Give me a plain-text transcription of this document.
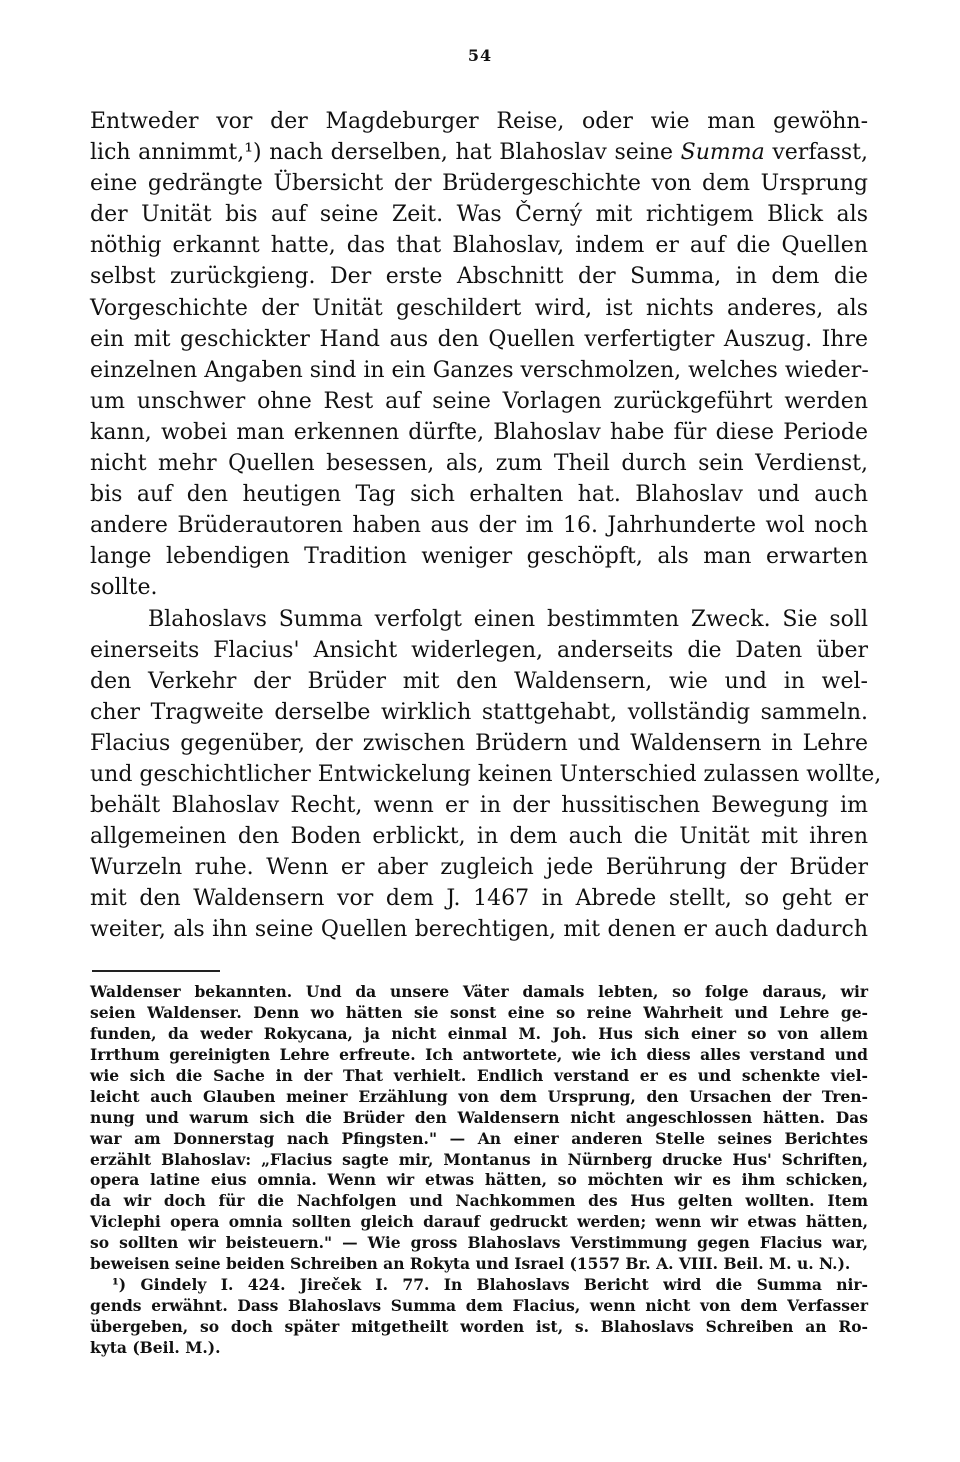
54
Entweder vor der Magdeburger Reise, oder wie man gewöhn-
lich annimmt,¹) nach derselben, hat Blahoslav seine Summa verfasst,
eine gedrängte Übersicht der Brüdergeschichte von dem Ursprung
der Unität bis auf seine Zeit. Was Černý mit richtigem Blick als
nöthig erkannt hatte, das that Blahoslav, indem er auf die Quellen
selbst zurückgieng. Der erste Abschnitt der Summa, in dem die
Vorgeschichte der Unität geschildert wird, ist nichts anderes, als
ein mit geschickter Hand aus den Quellen verfertigter Auszug. Ihre
einzelnen Angaben sind in ein Ganzes verschmolzen, welches wieder-
um unschwer ohne Rest auf seine Vorlagen zurückgeführt werden
kann, wobei man erkennen dürfte, Blahoslav habe für diese Periode
nicht mehr Quellen besessen, als, zum Theil durch sein Verdienst,
bis auf den heutigen Tag sich erhalten hat. Blahoslav und auch
andere Brüderautoren haben aus der im 16. Jahrhunderte wol noch
lange lebendigen Tradition weniger geschöpft, als man erwarten
sollte.
Blahoslavs Summa verfolgt einen bestimmten Zweck. Sie soll
einerseits Flacius' Ansicht widerlegen, anderseits die Daten über
den Verkehr der Brüder mit den Waldensern, wie und in wel-
cher Tragweite derselbe wirklich stattgehabt, vollständig sammeln.
Flacius gegenüber, der zwischen Brüdern und Waldensern in Lehre
und geschichtlicher Entwickelung keinen Unterschied zulassen wollte,
behält Blahoslav Recht, wenn er in der hussitischen Bewegung im
allgemeinen den Boden erblickt, in dem auch die Unität mit ihren
Wurzeln ruhe. Wenn er aber zugleich jede Berührung der Brüder
mit den Waldensern vor dem J. 1467 in Abrede stellt, so geht er
weiter, als ihn seine Quellen berechtigen, mit denen er auch dadurch
Waldenser bekannten. Und da unsere Väter damals lebten, so folge daraus, wir
seien Waldenser. Denn wo hätten sie sonst eine so reine Wahrheit und Lehre ge-
funden, da weder Rokycana, ja nicht einmal M. Joh. Hus sich einer so von allem
Irrthum gereinigten Lehre erfreute. Ich antwortete, wie ich diess alles verstand und
wie sich die Sache in der That verhielt. Endlich verstand er es und schenkte viel-
leicht auch Glauben meiner Erzählung von dem Ursprung, den Ursachen der Tren-
nung und warum sich die Brüder den Waldensern nicht angeschlossen hätten. Das
war am Donnerstag nach Pfingsten." — An einer anderen Stelle seines Berichtes
erzählt Blahoslav: „Flacius sagte mir, Montanus in Nürnberg drucke Hus' Schriften,
opera latine eius omnia. Wenn wir etwas hätten, so möchten wir es ihm schicken,
da wir doch für die Nachfolgen und Nachkommen des Hus gelten wollten. Item
Viclephi opera omnia sollten gleich darauf gedruckt werden; wenn wir etwas hätten,
so sollten wir beisteuern." — Wie gross Blahoslavs Verstimmung gegen Flacius war,
beweisen seine beiden Schreiben an Rokyta und Israel (1557 Br. A. VIII. Beil. M. u. N.).
¹) Gindely I. 424. Jireček I. 77. In Blahoslavs Bericht wird die Summa nir-
gends erwähnt. Dass Blahoslavs Summa dem Flacius, wenn nicht von dem Verfasser
übergeben, so doch später mitgetheilt worden ist, s. Blahoslavs Schreiben an Ro-
kyta (Beil. M.).
